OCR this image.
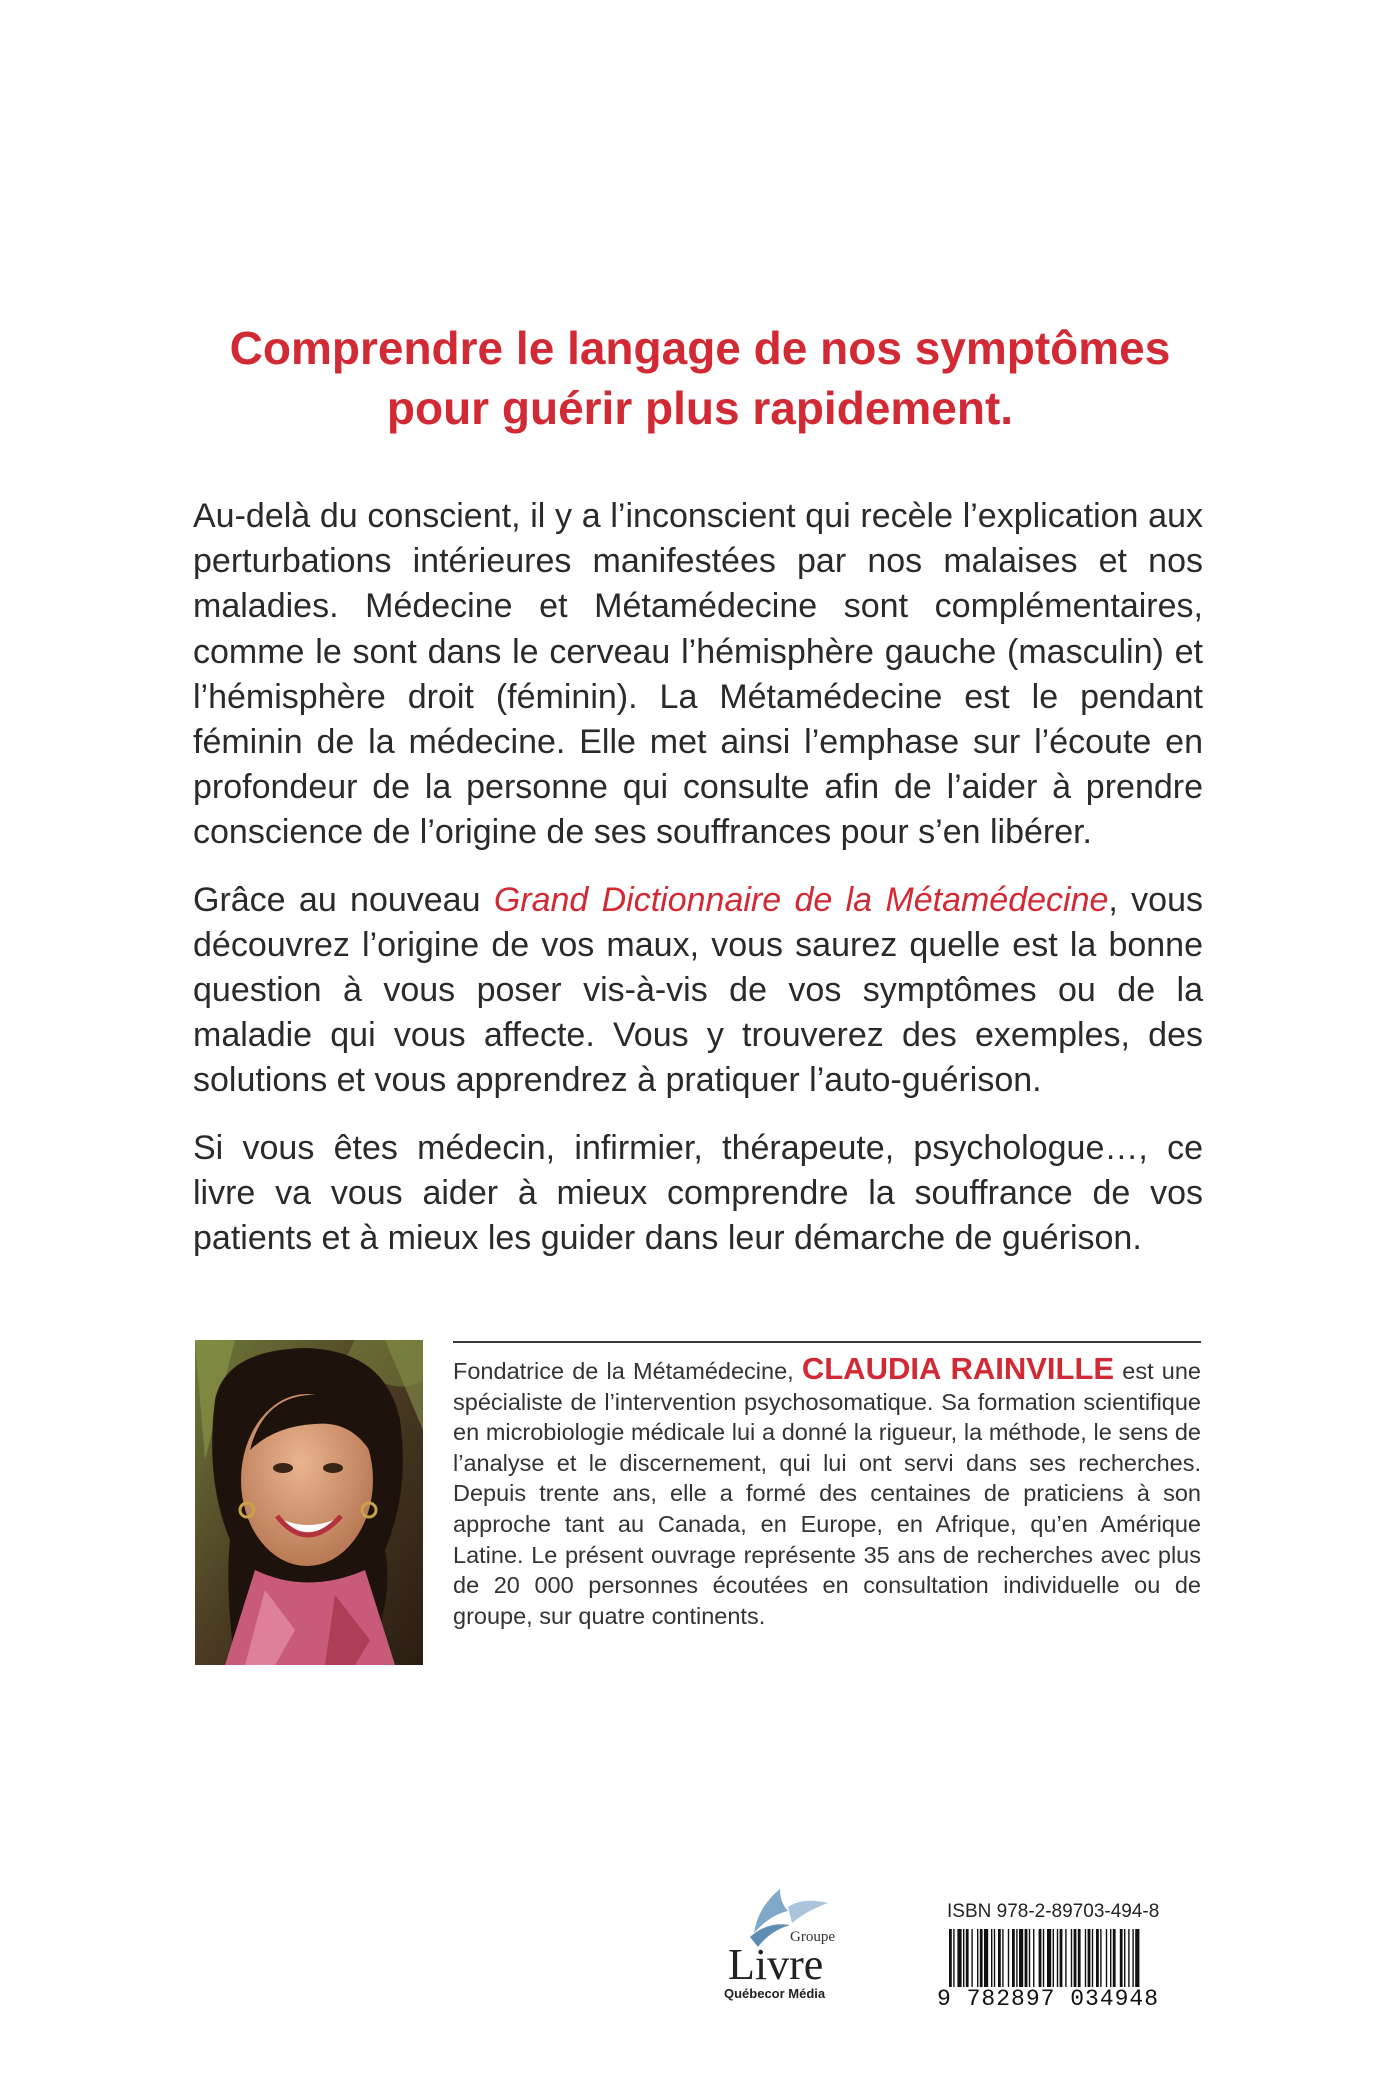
Comprendre le langage de nos symptômes
pour guérir plus rapidement.

Au-delà du conscient, il y a l’inconscient qui recèle l’explication aux perturbations intérieures manifestées par nos malaises et nos maladies. Médecine et Métamédecine sont complémentaires, comme le sont dans le cerveau l’hémisphère gauche (masculin) et l’hémisphère droit (féminin). La Métamédecine est le pendant féminin de la médecine. Elle met ainsi l’emphase sur l’écoute en profondeur de la personne qui consulte afin de l’aider à prendre conscience de l’origine de ses souffrances pour s’en libérer.

Grâce au nouveau Grand Dictionnaire de la Métamédecine, vous découvrez l’origine de vos maux, vous saurez quelle est la bonne question à vous poser vis-à-vis de vos symptômes ou de la maladie qui vous affecte. Vous y trouverez des exemples, des solutions et vous apprendrez à pratiquer l’auto-guérison.

Si vous êtes médecin, infirmier, thérapeute, psychologue…, ce livre va vous aider à mieux comprendre la souffrance de vos patients et à mieux les guider dans leur démarche de guérison.

Fondatrice de la Métamédecine, CLAUDIA RAINVILLE est une spécialiste de l’intervention psychosomatique. Sa formation scientifique en microbiologie médicale lui a donné la rigueur, la méthode, le sens de l’analyse et le discernement, qui lui ont servi dans ses recherches. Depuis trente ans, elle a formé des centaines de praticiens à son approche tant au Canada, en Europe, en Afrique, qu’en Amérique Latine. Le présent ouvrage représente 35 ans de recherches avec plus de 20 000 personnes écoutées en consultation individuelle ou de groupe, sur quatre continents.
Groupe
Livre
Québecor Média
ISBN 978-2-89703-494-8
9 782897 034948
